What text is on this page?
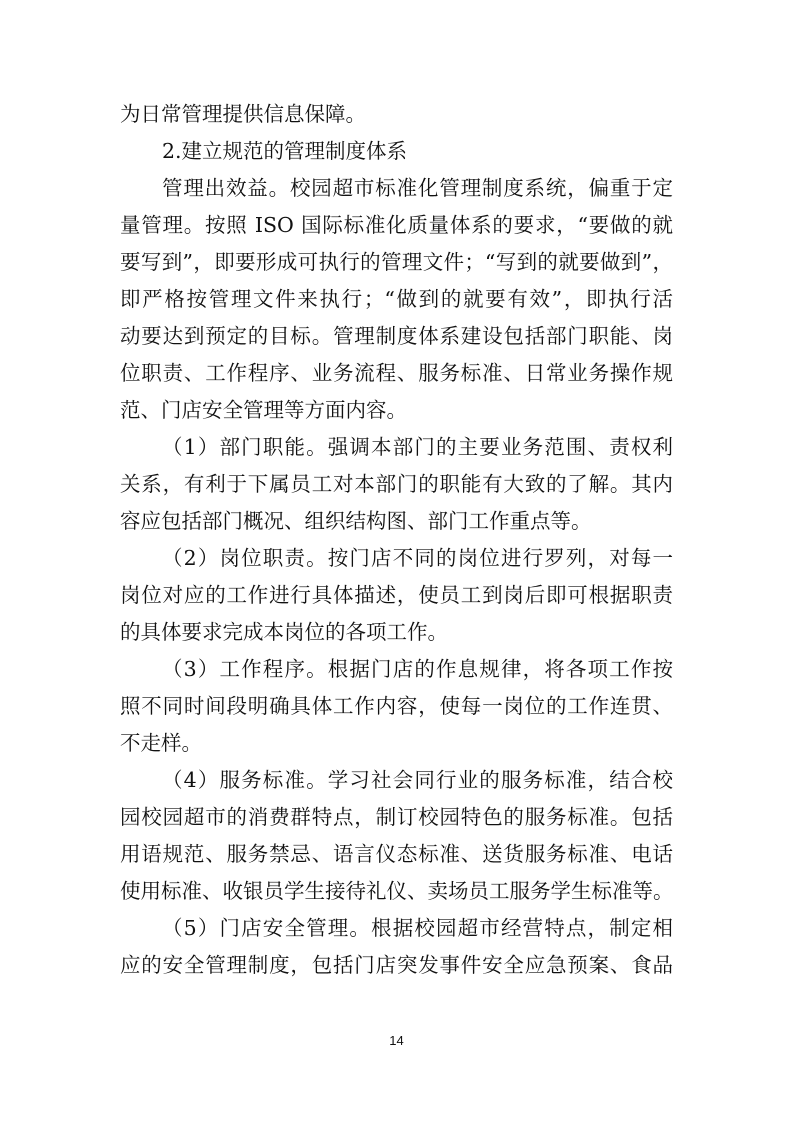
为日常管理提供信息保障。
2.建立规范的管理制度体系
管理出效益。校园超市标准化管理制度系统，偏重于定
量管理。按照 ISO 国际标准化质量体系的要求，“要做的就
要写到”，即要形成可执行的管理文件；“写到的就要做到”，
即严格按管理文件来执行；“做到的就要有效”，即执行活
动要达到预定的目标。管理制度体系建设包括部门职能、岗
位职责、工作程序、业务流程、服务标准、日常业务操作规
范、门店安全管理等方面内容。
（1）部门职能。强调本部门的主要业务范围、责权利
关系，有利于下属员工对本部门的职能有大致的了解。其内
容应包括部门概况、组织结构图、部门工作重点等。
（2）岗位职责。按门店不同的岗位进行罗列，对每一
岗位对应的工作进行具体描述，使员工到岗后即可根据职责
的具体要求完成本岗位的各项工作。
（3）工作程序。根据门店的作息规律，将各项工作按
照不同时间段明确具体工作内容，使每一岗位的工作连贯、
不走样。
（4）服务标准。学习社会同行业的服务标准，结合校
园校园超市的消费群特点，制订校园特色的服务标准。包括
用语规范、服务禁忌、语言仪态标准、送货服务标准、电话
使用标准、收银员学生接待礼仪、卖场员工服务学生标准等。
（5）门店安全管理。根据校园超市经营特点，制定相
应的安全管理制度，包括门店突发事件安全应急预案、食品
14
